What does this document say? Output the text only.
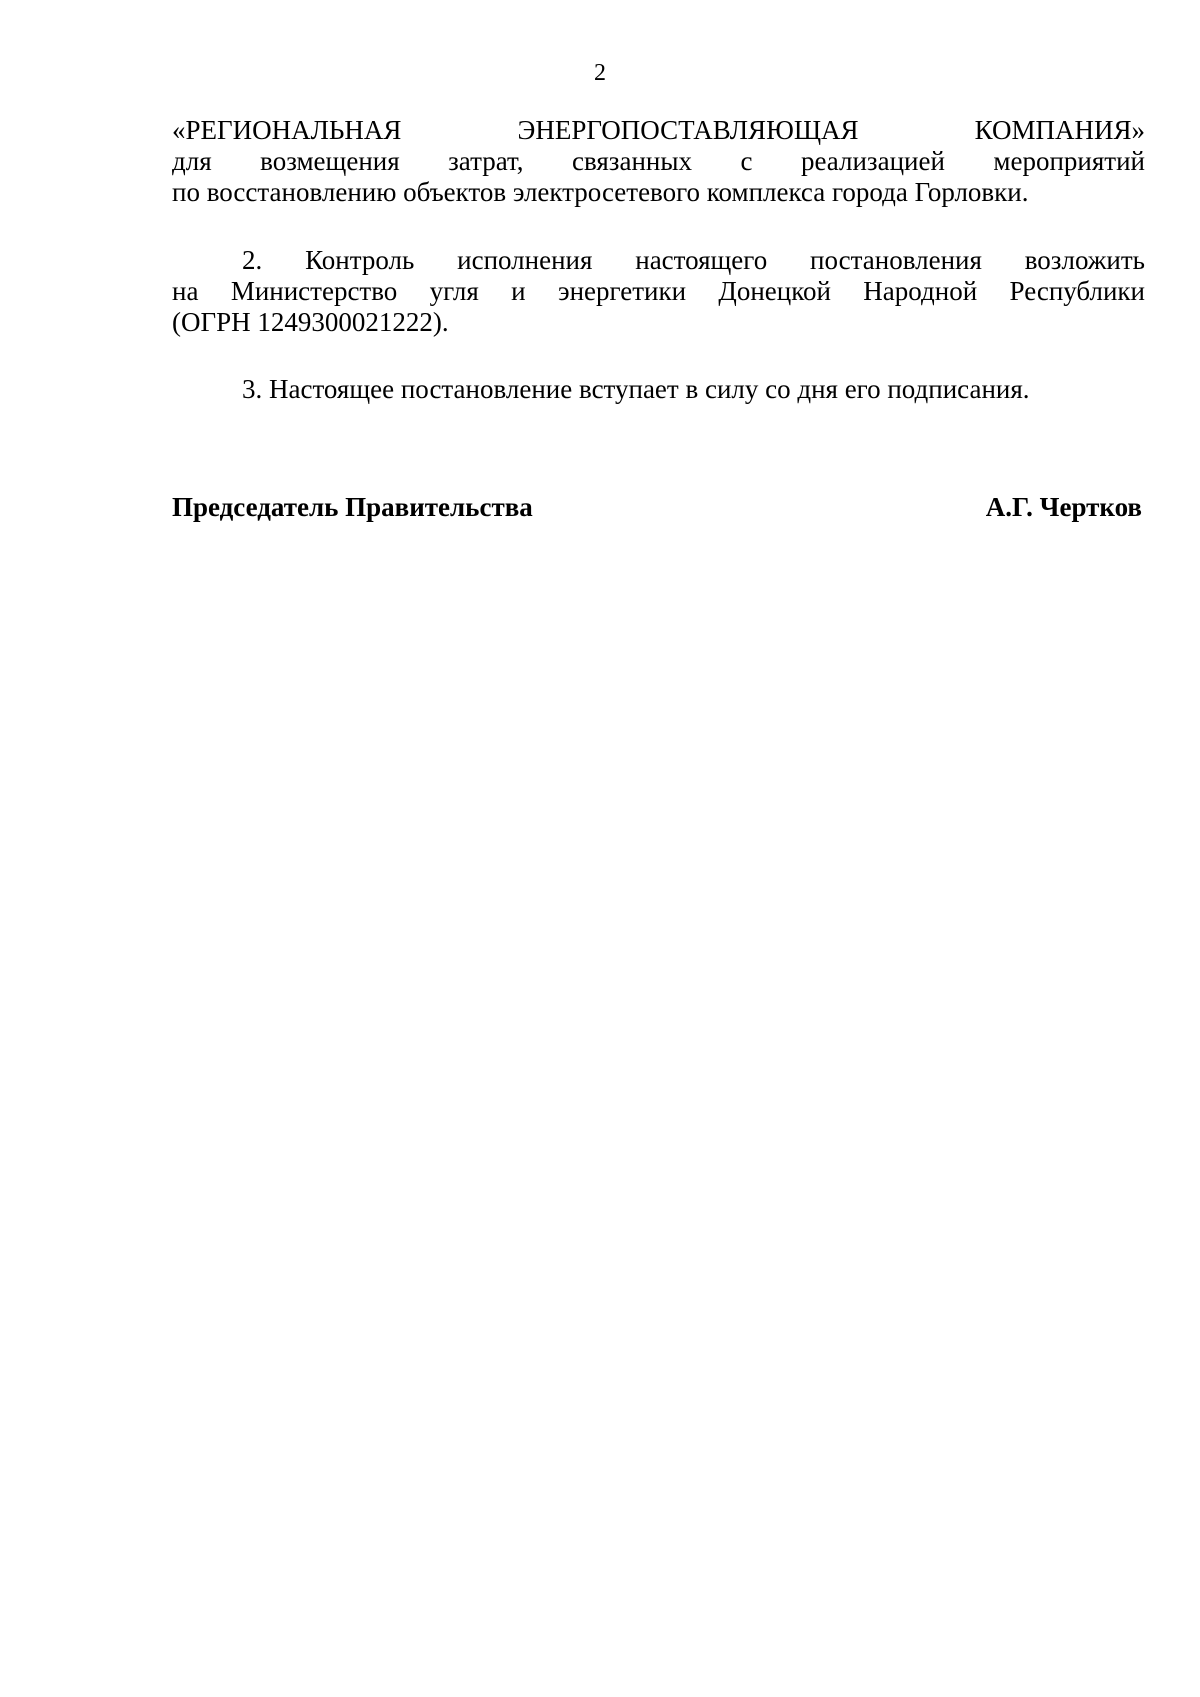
2
«РЕГИОНАЛЬНАЯ ЭНЕРГОПОСТАВЛЯЮЩАЯ КОМПАНИЯ»
для возмещения затрат, связанных с реализацией мероприятий
по восстановлению объектов электросетевого комплекса города Горловки.
2. Контроль исполнения настоящего постановления возложить
на Министерство угля и энергетики Донецкой Народной Республики
(ОГРН 1249300021222).
3. Настоящее постановление вступает в силу со дня его подписания.
Председатель Правительства	А.Г. Чертков
